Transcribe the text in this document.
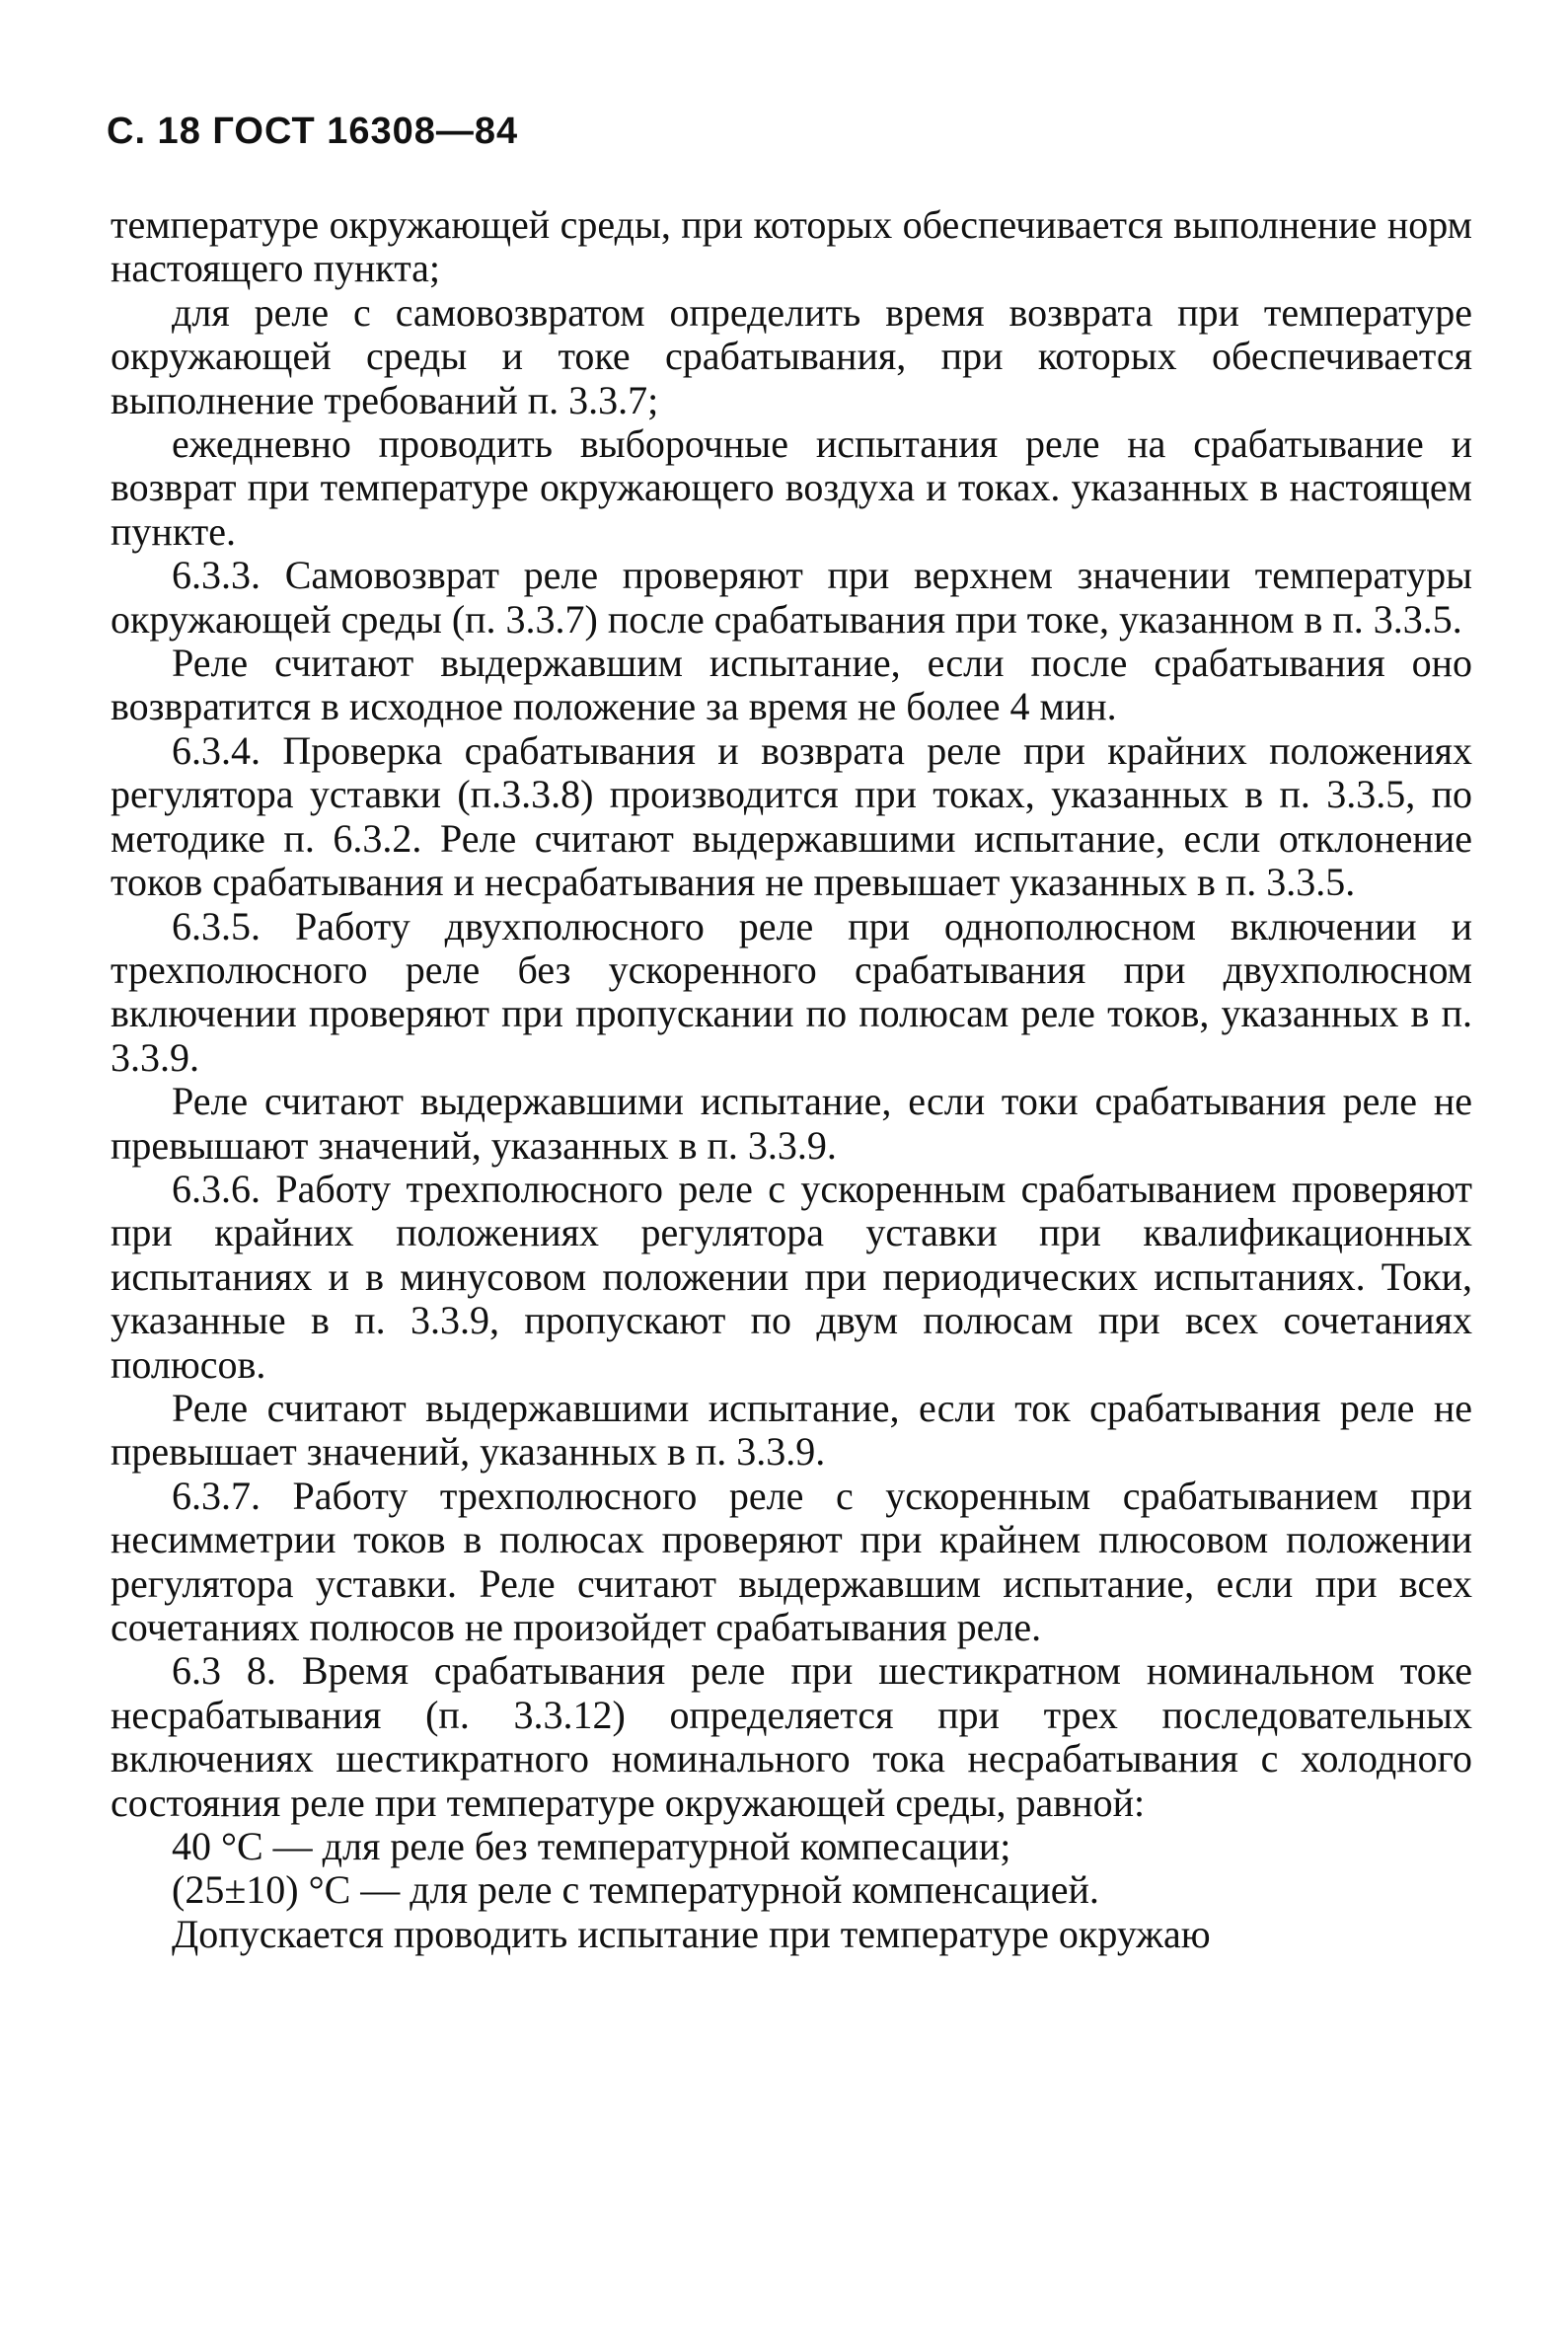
С. 18 ГОСТ 16308—84

температуре окружающей среды, при которых обеспечивается выполнение норм настоящего пункта;

для реле с самовозвратом определить время возврата при температуре окружающей среды и токе срабатывания, при которых обеспечивается выполнение требований п. 3.3.7;

ежедневно проводить выборочные испытания реле на срабатывание и возврат при температуре окружающего воздуха и токах. указанных в настоящем пункте.

6.3.3. Самовозврат реле проверяют при верхнем значении температуры окружающей среды (п. 3.3.7) после срабатывания при токе, указанном в п. 3.3.5.

Реле считают выдержавшим испытание, если после срабатывания оно возвратится в исходное положение за время не более 4 мин.

6.3.4. Проверка срабатывания и возврата реле при крайних положениях регулятора уставки (п.3.3.8) производится при токах, указанных в п. 3.3.5, по методике п. 6.3.2. Реле считают выдержавшими испытание, если отклонение токов срабатывания и несрабатывания не превышает указанных в п. 3.3.5.

6.3.5. Работу двухполюсного реле при однополюсном включении и трехполюсного реле без ускоренного срабатывания при двухполюсном включении проверяют при пропускании по полюсам реле токов, указанных в п. 3.3.9.

Реле считают выдержавшими испытание, если токи срабатывания реле не превышают значений, указанных в п. 3.3.9.

6.3.6. Работу трехполюсного реле с ускоренным срабатыванием проверяют при крайних положениях регулятора уставки при квалификационных испытаниях и в минусовом положении при периодических испытаниях. Токи, указанные в п. 3.3.9, пропускают по двум полюсам при всех сочетаниях полюсов.

Реле считают выдержавшими испытание, если ток срабатывания реле не превышает значений, указанных в п. 3.3.9.

6.3.7. Работу трехполюсного реле с ускоренным срабатыванием при несимметрии токов в полюсах проверяют при крайнем плюсовом положении регулятора уставки. Реле считают выдержавшим испытание, если при всех сочетаниях полюсов не произойдет срабатывания реле.

6.3 8. Время срабатывания реле при шестикратном номинальном токе несрабатывания (п. 3.3.12) определяется при трех последовательных включениях шестикратного номинального тока несрабатывания с холодного состояния реле при температуре окружающей среды, равной:

40 °С — для реле без температурной компесации;

(25±10) °С — для реле с температурной компенсацией.

Допускается проводить испытание при температуре окружаю
